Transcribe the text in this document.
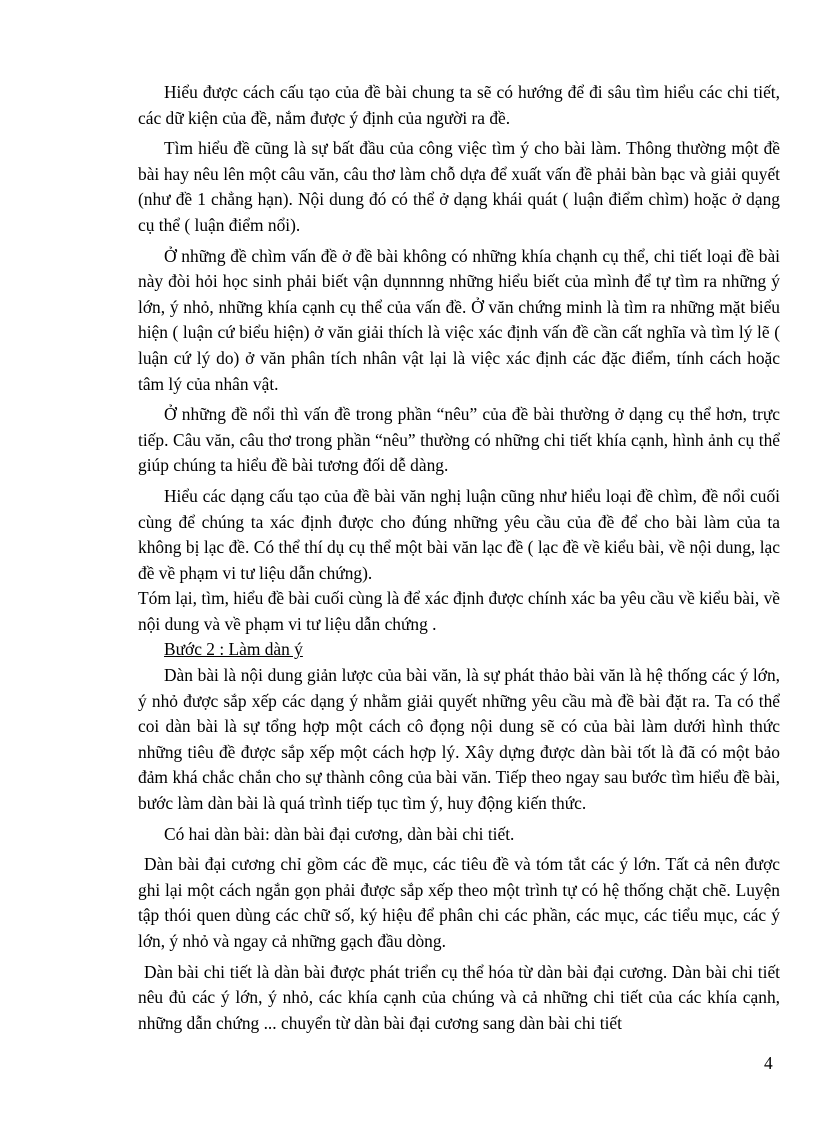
Hiểu được cách cấu tạo của đề bài chung ta sẽ có hướng để đi sâu tìm hiểu các chi tiết, các dữ kiện của đề, nắm được ý định của người ra đề.

Tìm hiểu đề cũng là sự bất đầu của công việc tìm ý cho bài làm. Thông thường một đề bài hay nêu lên một câu văn, câu thơ làm chỗ dựa để xuất vấn đề phải bàn bạc và giải quyết (như đề 1 chẳng hạn). Nội dung đó có thể ở dạng khái quát ( luận điểm chìm) hoặc ở dạng cụ thể ( luận điểm nổi).

Ở những đề chìm vấn đề ở đề bài không có những khía chạnh cụ thể, chi tiết loại đề bài này đòi hỏi học sinh phải biết vận dụnnnng những hiểu biết của mình để tự tìm ra những ý lớn, ý nhỏ, những khía cạnh cụ thể của vấn đề. Ở văn chứng minh là tìm ra những mặt biểu hiện ( luận cứ biểu hiện) ở văn giải thích là việc xác định vấn đề cần cất nghĩa và tìm lý lẽ ( luận cứ lý do) ở văn phân tích nhân vật lại là việc xác định các đặc điểm, tính cách hoặc tâm lý của nhân vật.

Ở những đề nổi thì vấn đề trong phần “nêu” của đề bài thường ở dạng cụ thể hơn, trực tiếp. Câu văn, câu thơ trong phần “nêu” thường có những chi tiết khía cạnh, hình ảnh cụ thể giúp chúng ta hiểu đề bài tương đối dễ dàng.

Hiểu các dạng cấu tạo của đề bài văn nghị luận cũng như hiểu loại đề chìm, đề nổi cuối cùng để chúng ta xác định được cho đúng những yêu cầu của đề để cho bài làm của ta không bị lạc đề. Có thể thí dụ cụ thể một bài văn lạc đề ( lạc đề về kiểu bài, về nội dung, lạc đề về phạm vi tư liệu dẫn chứng).

Tóm lại, tìm, hiểu đề bài cuối cùng là để xác định được chính xác ba yêu cầu về kiểu bài, về nội dung và về phạm vi tư liệu dẫn chứng .

Bước 2 : Làm dàn ý

Dàn bài là nội dung giản lược của bài văn, là sự phát thảo bài văn là hệ thống các ý lớn, ý nhỏ được sắp xếp các dạng ý nhằm giải quyết những yêu cầu mà đề bài đặt ra. Ta có thể coi dàn bài là sự tổng hợp một cách cô đọng nội dung sẽ có của bài làm dưới hình thức những tiêu đề được sắp xếp một cách hợp lý. Xây dựng được dàn bài tốt là đã có một bảo đảm khá chắc chắn cho sự thành công của bài văn. Tiếp theo ngay sau bước tìm hiểu đề bài, bước làm dàn bài là quá trình tiếp tục tìm ý, huy động kiến thức.

Có hai dàn bài: dàn bài đại cương, dàn bài chi tiết.

Dàn bài đại cương chỉ gồm các đề mục, các tiêu đề và tóm tắt các ý lớn. Tất cả nên được ghi lại một cách ngắn gọn phải được sắp xếp theo một trình tự có hệ thống chặt chẽ. Luyện tập thói quen dùng các chữ số, ký hiệu để phân chi các phần, các mục, các tiểu mục, các ý lớn, ý nhỏ và ngay cả những gạch đầu dòng.

Dàn bài chi tiết là dàn bài được phát triển cụ thể hóa từ dàn bài đại cương. Dàn bài chi tiết nêu đủ các ý lớn, ý nhỏ, các khía cạnh của chúng và cả những chi tiết của các khía cạnh, những dẫn chứng ... chuyển từ dàn bài đại cương sang dàn bài chi tiết

4
